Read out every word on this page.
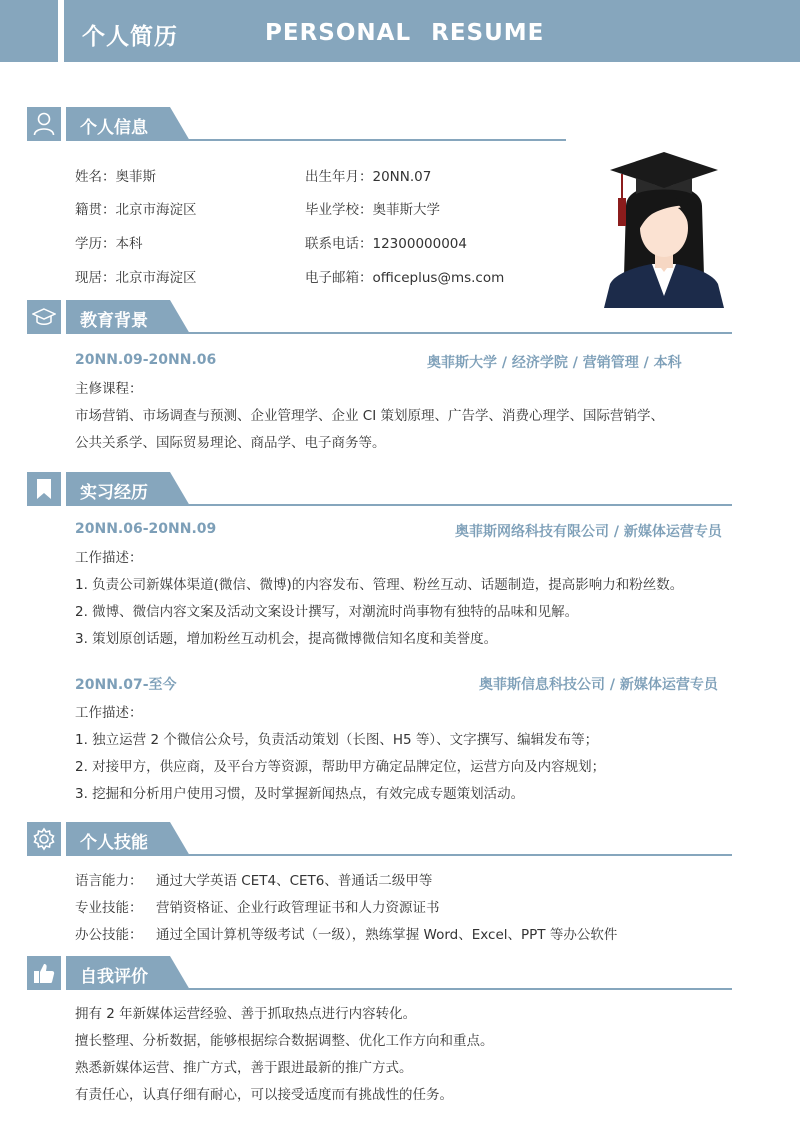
个人简历	PERSONAL RESUME
个人信息
姓名：奥菲斯	出生年月：20NN.07
籍贯：北京市海淀区	毕业学校：奥菲斯大学
学历：本科	联系电话：12300000004
现居：北京市海淀区	电子邮箱：officeplus@ms.com
教育背景
20NN.09-20NN.06	奥菲斯大学 / 经济学院 / 营销管理 / 本科
主修课程：
市场营销、市场调查与预测、企业管理学、企业 CI 策划原理、广告学、消费心理学、国际营销学、
公共关系学、国际贸易理论、商品学、电子商务等。
实习经历
20NN.06-20NN.09	奥菲斯网络科技有限公司 / 新媒体运营专员
工作描述：
1. 负责公司新媒体渠道(微信、微博)的内容发布、管理、粉丝互动、话题制造，提高影响力和粉丝数。
2. 微博、微信内容文案及活动文案设计撰写，对潮流时尚事物有独特的品味和见解。
3. 策划原创话题，增加粉丝互动机会，提高微博微信知名度和美誉度。
20NN.07-至今	奥菲斯信息科技公司 / 新媒体运营专员
工作描述：
1. 独立运营 2 个微信公众号，负责活动策划（长图、H5 等）、文字撰写、编辑发布等；
2. 对接甲方，供应商，及平台方等资源，帮助甲方确定品牌定位，运营方向及内容规划；
3. 挖掘和分析用户使用习惯，及时掌握新闻热点，有效完成专题策划活动。
个人技能
语言能力： 通过大学英语 CET4、CET6、普通话二级甲等
专业技能： 营销资格证、企业行政管理证书和人力资源证书
办公技能： 通过全国计算机等级考试（一级），熟练掌握 Word、Excel、PPT 等办公软件
自我评价
拥有 2 年新媒体运营经验、善于抓取热点进行内容转化。
擅长整理、分析数据，能够根据综合数据调整、优化工作方向和重点。
熟悉新媒体运营、推广方式，善于跟进最新的推广方式。
有责任心，认真仔细有耐心，可以接受适度而有挑战性的任务。
